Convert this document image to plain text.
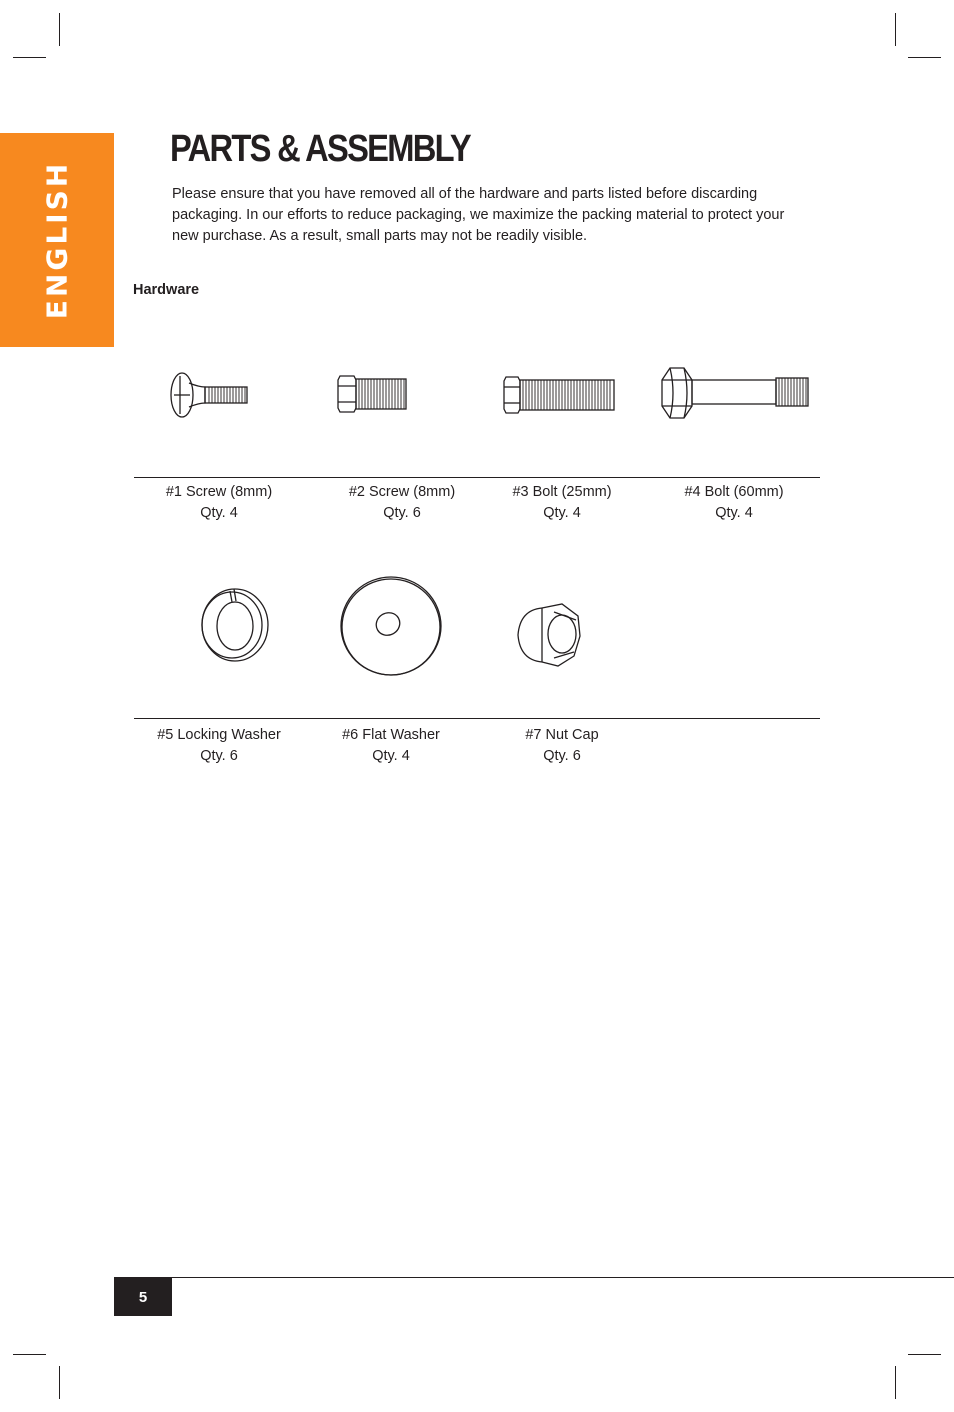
ENGLISH
PARTS & ASSEMBLY

Please ensure that you have removed all of the hardware and parts listed before discarding packaging. In our efforts to reduce packaging, we maximize the packing material to protect your new purchase. As a result, small parts may not be readily visible.

Hardware

#1 Screw (8mm)
Qty. 4
#2 Screw (8mm)
Qty. 6
#3 Bolt (25mm)
Qty. 4
#4 Bolt (60mm)
Qty. 4
#5 Locking Washer
Qty. 6
#6 Flat Washer
Qty. 4
#7 Nut Cap
Qty. 6
5
